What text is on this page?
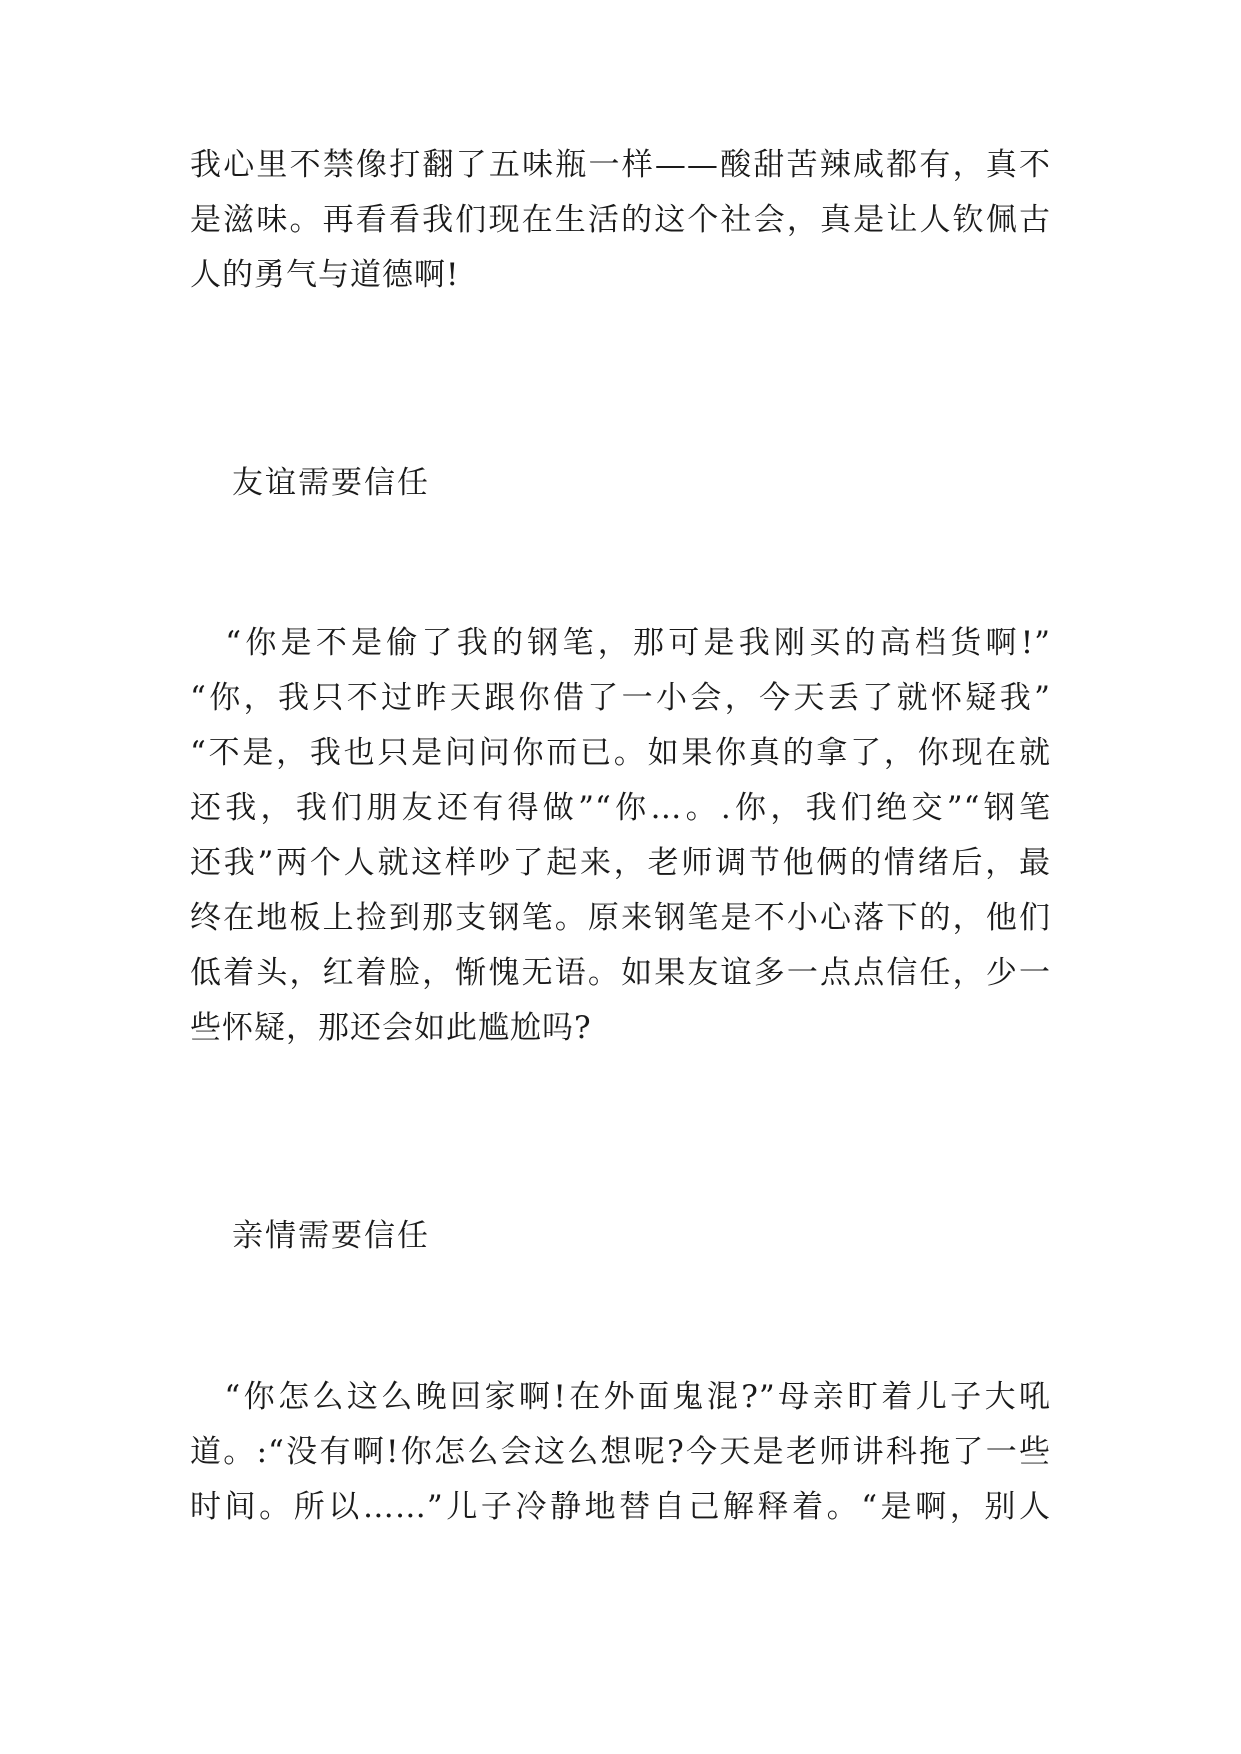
我心里不禁像打翻了五味瓶一样——酸甜苦辣咸都有，真不
是滋味。再看看我们现在生活的这个社会，真是让人钦佩古
人的勇气与道德啊!
友谊需要信任
　“你是不是偷了我的钢笔，那可是我刚买的高档货啊!”
“你，我只不过昨天跟你借了一小会，今天丢了就怀疑我”
“不是，我也只是问问你而已。如果你真的拿了，你现在就
还我，我们朋友还有得做”“你…。.你，我们绝交”“钢笔
还我”两个人就这样吵了起来，老师调节他俩的情绪后，最
终在地板上捡到那支钢笔。原来钢笔是不小心落下的，他们
低着头，红着脸，惭愧无语。如果友谊多一点点信任，少一
些怀疑，那还会如此尴尬吗?
亲情需要信任
　“你怎么这么晚回家啊!在外面鬼混?”母亲盯着儿子大吼
道。:“没有啊!你怎么会这么想呢?今天是老师讲科拖了一些
时间。所以……”儿子冷静地替自己解释着。“是啊，别人
